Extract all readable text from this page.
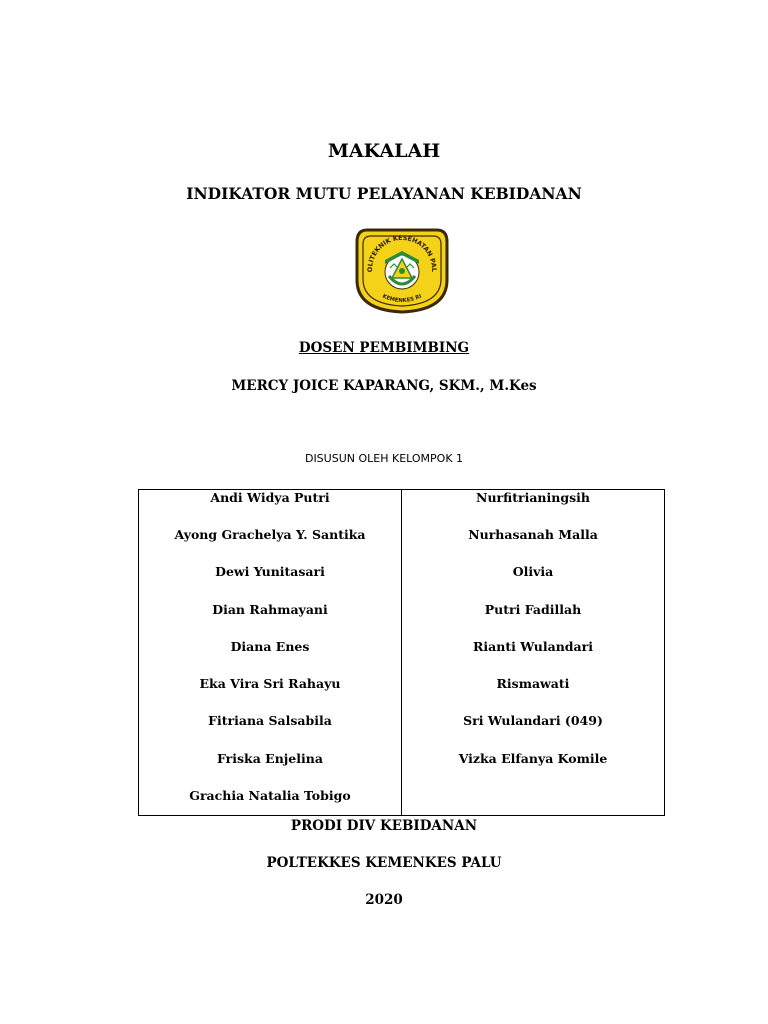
MAKALAH
INDIKATOR MUTU PELAYANAN KEBIDANAN
OLITEKNIK KESEHATAN PAL
KEMENKES RI
DOSEN PEMBIMBING
MERCY JOICE KAPARANG, SKM., M.Kes
DISUSUN OLEH KELOMPOK 1
Andi Widya Putri
Ayong Grachelya Y. Santika
Dewi Yunitasari
Dian Rahmayani
Diana Enes
Eka Vira Sri Rahayu
Fitriana Salsabila
Friska Enjelina
Grachia Natalia Tobigo
Nurfitrianingsih
Nurhasanah Malla
Olivia
Putri Fadillah
Rianti Wulandari
Rismawati
Sri Wulandari (049)
Vizka Elfanya Komile
PRODI DIV KEBIDANAN
POLTEKKES KEMENKES PALU
2020
